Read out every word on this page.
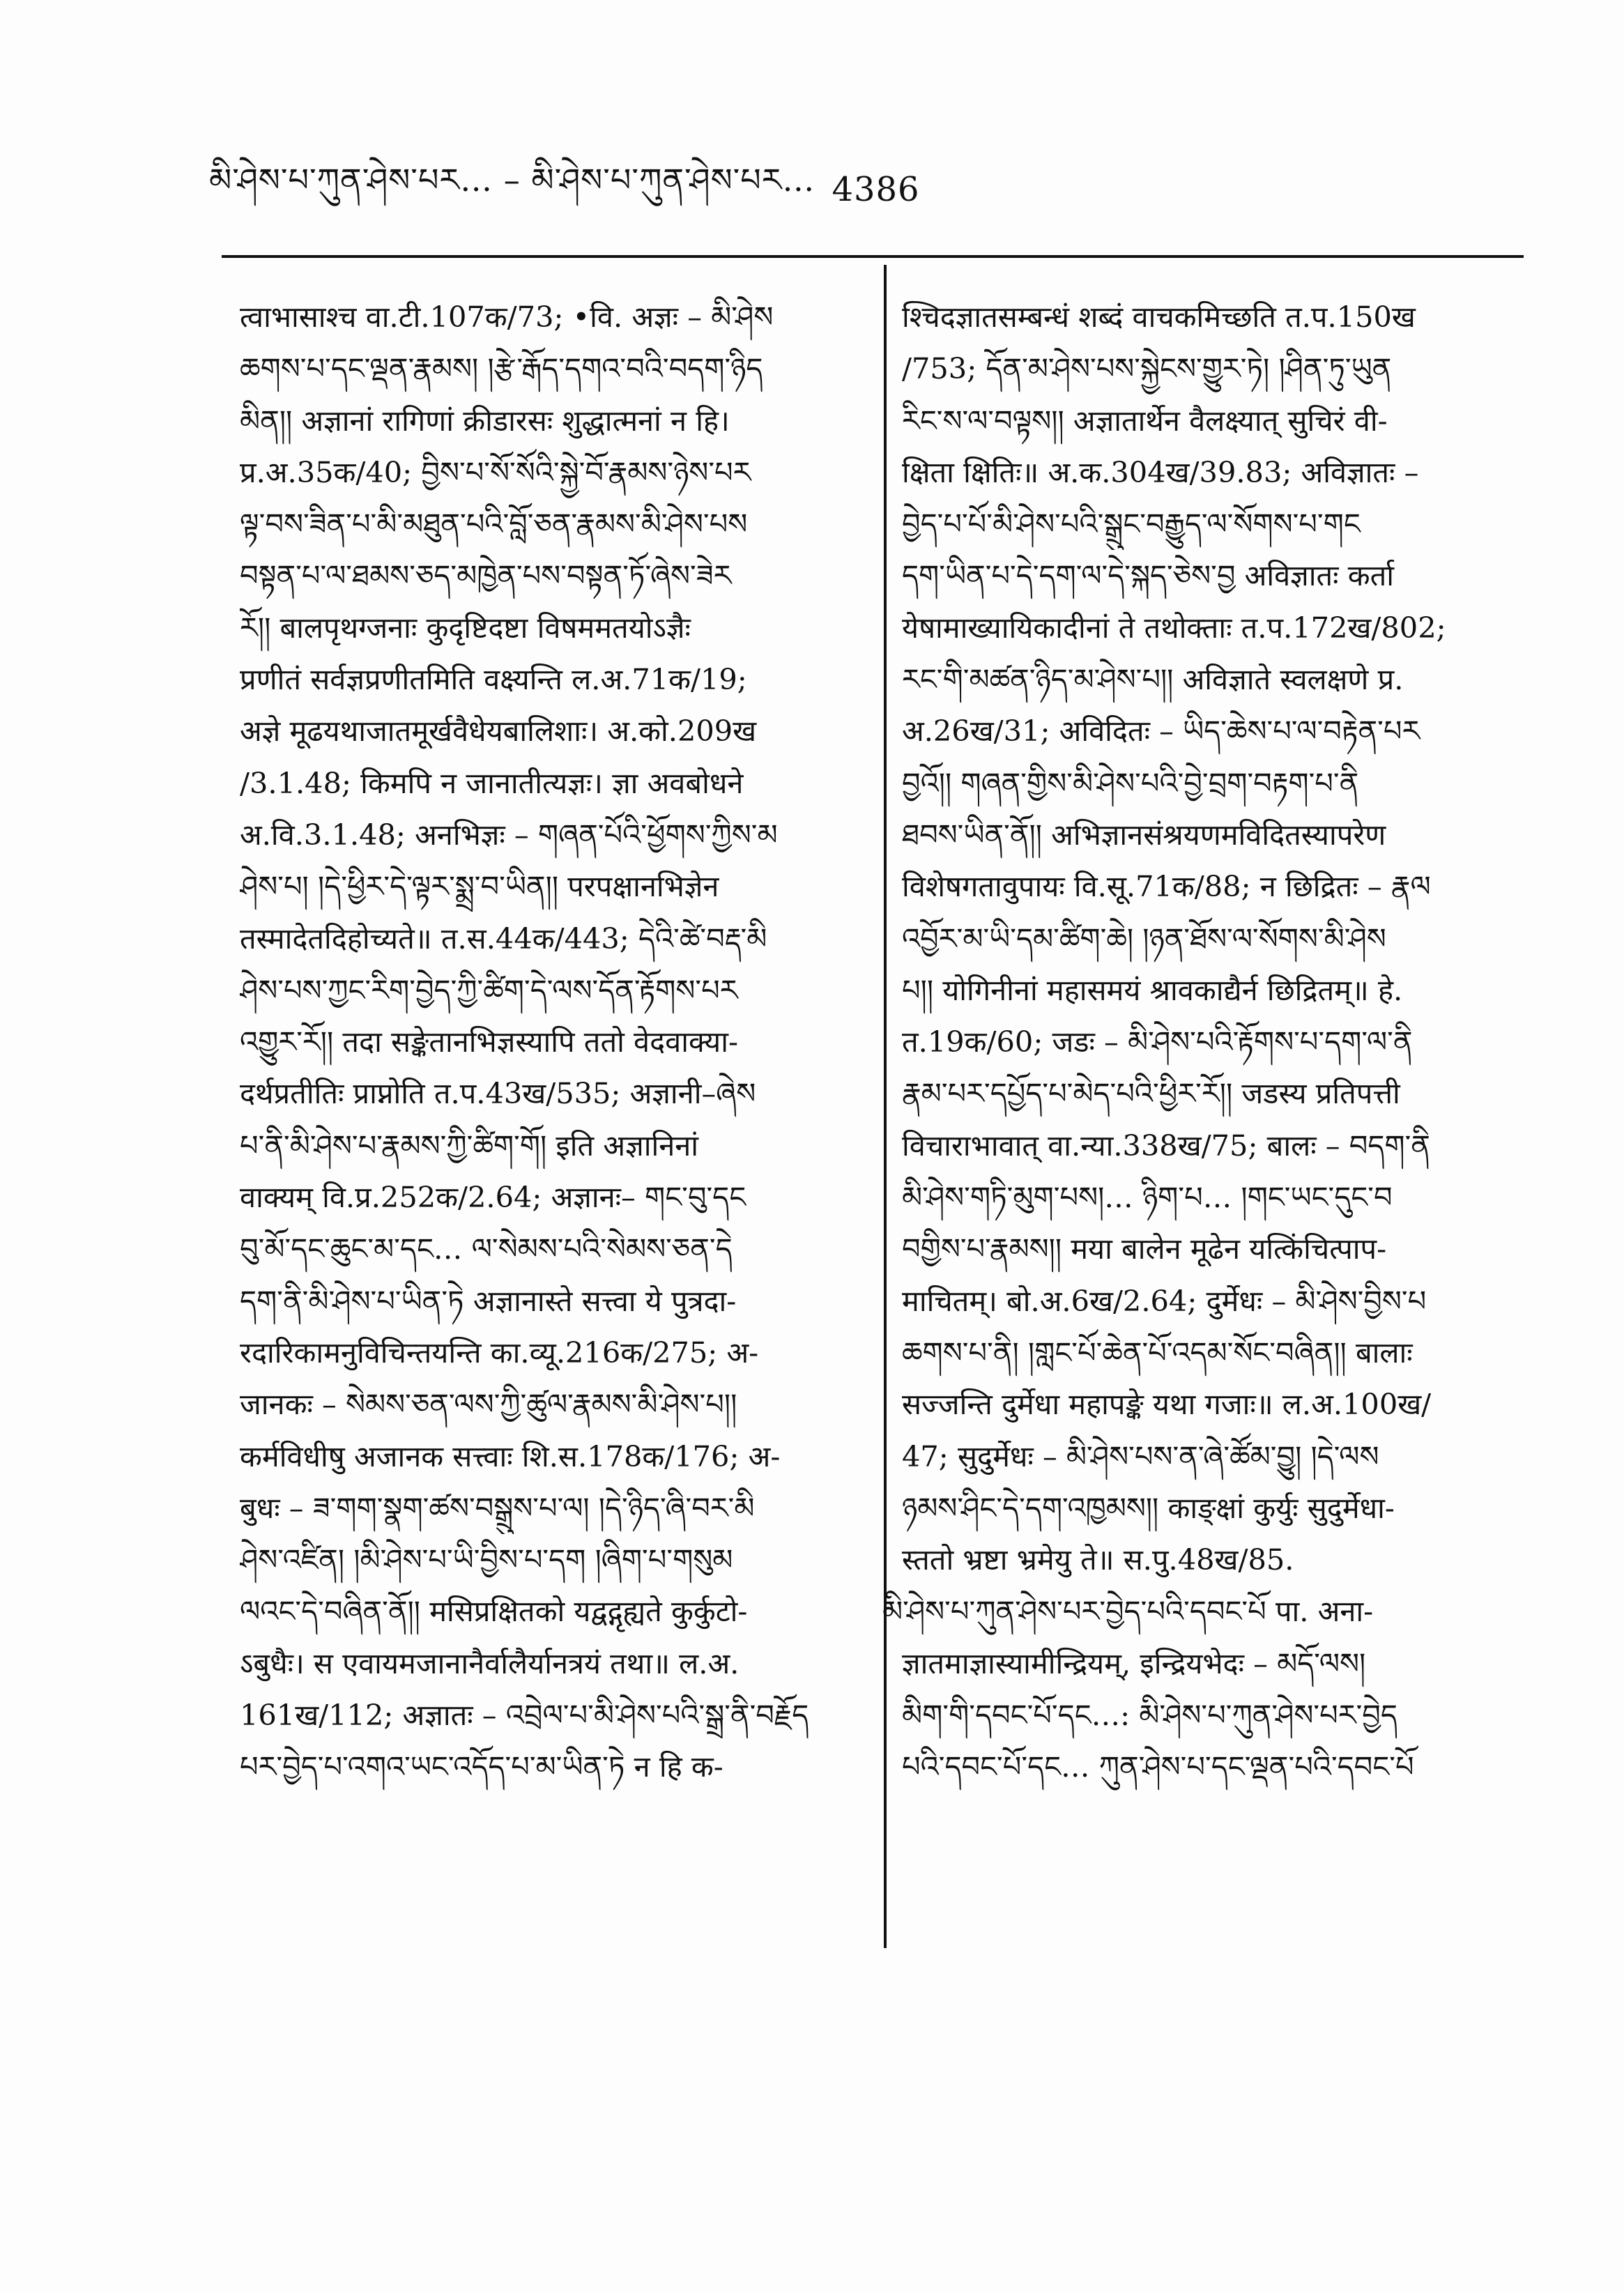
མི་ཤེས་པ་ཀུན་ཤེས་པར… – མི་ཤེས་པ་ཀུན་ཤེས་པར… 4386
त्वाभासाश्च वा.टी.107क/73; •वि. अज्ञः – མི་ཤེས
ཆགས་པ་དང་ལྡན་རྣམས། །རྩེ་རྒོད་དགའ་བའི་བདག་ཉིད
མིན།། अज्ञानां रागिणां क्रीडारसः शुद्धात्मनां न हि।
प्र.अ.35क/40; བྱིས་པ་སོ་སོའི་སྐྱེ་བོ་རྣམས་ཉེས་པར
ལྟ་བས་ཟིན་པ་མི་མཐུན་པའི་བློ་ཅན་རྣམས་མི་ཤེས་པས
བསྟན་པ་ལ་ཐམས་ཅད་མཁྱེན་པས་བསྟན་ཏོ་ཞེས་ཟེར
རོ།། बालपृथग्जनाः कुदृष्टिदष्टा विषममतयोऽज्ञैः
प्रणीतं सर्वज्ञप्रणीतमिति वक्ष्यन्ति ल.अ.71क/19;
अज्ञे मूढयथाजातमूर्खवैधेयबालिशाः। अ.को.209ख
/3.1.48; किमपि न जानातीत्यज्ञः। ज्ञा अवबोधने
अ.वि.3.1.48; अनभिज्ञः – གཞན་པོའི་ཕྱོགས་ཀྱིས་མ
ཤེས་པ། །དེ་ཕྱིར་དེ་ལྟར་སྨྲ་བ་ཡིན།། परपक्षानभिज्ञेन
तस्मादेतदिहोच्यते॥ त.स.44क/443; དེའི་ཚེ་བརྡ་མི
ཤེས་པས་ཀྱང་རིག་བྱེད་ཀྱི་ཚིག་དེ་ལས་དོན་རྟོགས་པར
འགྱུར་རོ།། तदा सङ्केतानभिज्ञस्यापि ततो वेदवाक्या-
दर्थप्रतीतिः प्राप्नोति त.प.43ख/535; अज्ञानी–ཞེས
པ་ནི་མི་ཤེས་པ་རྣམས་ཀྱི་ཚིག་གོ། इति अज्ञानिनां
वाक्यम् वि.प्र.252क/2.64; अज्ञानः– གང་བུ་དང
བུ་མོ་དང་ཆུང་མ་དང… ལ་སེམས་པའི་སེམས་ཅན་དེ
དག་ནི་མི་ཤེས་པ་ཡིན་ཏེ अज्ञानास्ते सत्त्वा ये पुत्रदा-
रदारिकामनुविचिन्तयन्ति का.व्यू.216क/275; अ-
जानकः – སེམས་ཅན་ལས་ཀྱི་ཚུལ་རྣམས་མི་ཤེས་པ།།
कर्मविधीषु अजानक सत्त्वाः शि.स.178क/176; अ-
बुधः – ཟ་གག་སྣག་ཚས་བསྒྲུས་པ་ལ། །དེ་ཉིད་ཞི་བར་མི
ཤེས་འཛིན། །མི་ཤེས་པ་ཡི་བྱིས་པ་དག །ཞིག་པ་གསུམ
ལའང་དེ་བཞིན་ནོ།། मसिप्रक्षितको यद्वद्गृह्यते कुर्कुटो-
ऽबुधैः। स एवायमजानानैर्वालैर्यानत्रयं तथा॥ ल.अ.
161ख/112; अज्ञातः – འབྲེལ་པ་མི་ཤེས་པའི་སྒྲ་ནི་བརྗོད
པར་བྱེད་པ་འགའ་ཡང་འདོད་པ་མ་ཡིན་ཏེ न हि क-
श्चिदज्ञातसम्बन्धं शब्दं वाचकमिच्छति त.प.150ख
/753; དོན་མ་ཤེས་པས་སྐྱེངས་གྱུར་ཏེ། །ཤིན་ཏུ་ཡུན
རིང་ས་ལ་བལྟས།། अज्ञातार्थेन वैलक्ष्यात् सुचिरं वी-
क्षिता क्षितिः॥ अ.क.304ख/39.83; अविज्ञातः –
བྱེད་པ་པོ་མི་ཤེས་པའི་སྒྲུང་བརྒྱུད་ལ་སོགས་པ་གང
དག་ཡིན་པ་དེ་དག་ལ་དེ་སྐད་ཅེས་བྱ अविज्ञातः कर्ता
येषामाख्यायिकादीनां ते तथोक्ताः त.प.172ख/802;
རང་གི་མཚན་ཉིད་མ་ཤེས་པ།། अविज्ञाते स्वलक्षणे प्र.
अ.26ख/31; अविदितः – ཡིད་ཆེས་པ་ལ་བརྟེན་པར
བྱའོ།། གཞན་གྱིས་མི་ཤེས་པའི་བྱེ་བྲག་བརྟག་པ་ནི
ཐབས་ཡིན་ནོ།། अभिज्ञानसंश्रयणमविदितस्यापरेण
विशेषगतावुपायः वि.सू.71क/88; न छिद्रितः – རྣལ
འབྱོར་མ་ཡི་དམ་ཚིག་ཆེ། །ཉན་ཐོས་ལ་སོགས་མི་ཤེས
པ།། योगिनीनां महासमयं श्रावकाद्यैर्न छिद्रितम्॥ हे.
त.19क/60; जडः – མི་ཤེས་པའི་རྟོགས་པ་དག་ལ་ནི
རྣམ་པར་དཔྱོད་པ་མེད་པའི་ཕྱིར་རོ།། जडस्य प्रतिपत्ती
विचाराभावात् वा.न्या.338ख/75; बालः – བདག་ནི
མི་ཤེས་གཏི་མུག་པས།… ཉིག་པ… །གང་ཡང་དུང་བ
བགྱིས་པ་རྣམས།། मया बालेन मूढेन यत्किंचित्पाप-
माचितम्। बो.अ.6ख/2.64; दुर्मेधः – མི་ཤེས་བྱིས་པ
ཆགས་པ་ནི། །གླང་པོ་ཆེན་པོ་འདམ་སོང་བཞིན།། बालाः
सज्जन्ति दुर्मेधा महापङ्के यथा गजाः॥ ल.अ.100ख/
47; सुदुर्मेधः – མི་ཤེས་པས་ན་ཞེ་ཚོམ་བྱུ། །དེ་ལས
ཉམས་ཤིང་དེ་དག་འཁྱམས།། काङ्क्षां कुर्युः सुदुर्मेधा-
स्ततो भ्रष्टा भ्रमेयु ते॥ स.पु.48ख/85.
མི་ཤེས་པ་ཀུན་ཤེས་པར་བྱེད་པའི་དབང་པོ पा. अना-
ज्ञातमाज्ञास्यामीन्द्रियम्, इन्द्रियभेदः – མདོ་ལས།
མིག་གི་དབང་པོ་དང…: མི་ཤེས་པ་ཀུན་ཤེས་པར་བྱེད
པའི་དབང་པོ་དང… ཀུན་ཤེས་པ་དང་ལྡན་པའི་དབང་པོ
